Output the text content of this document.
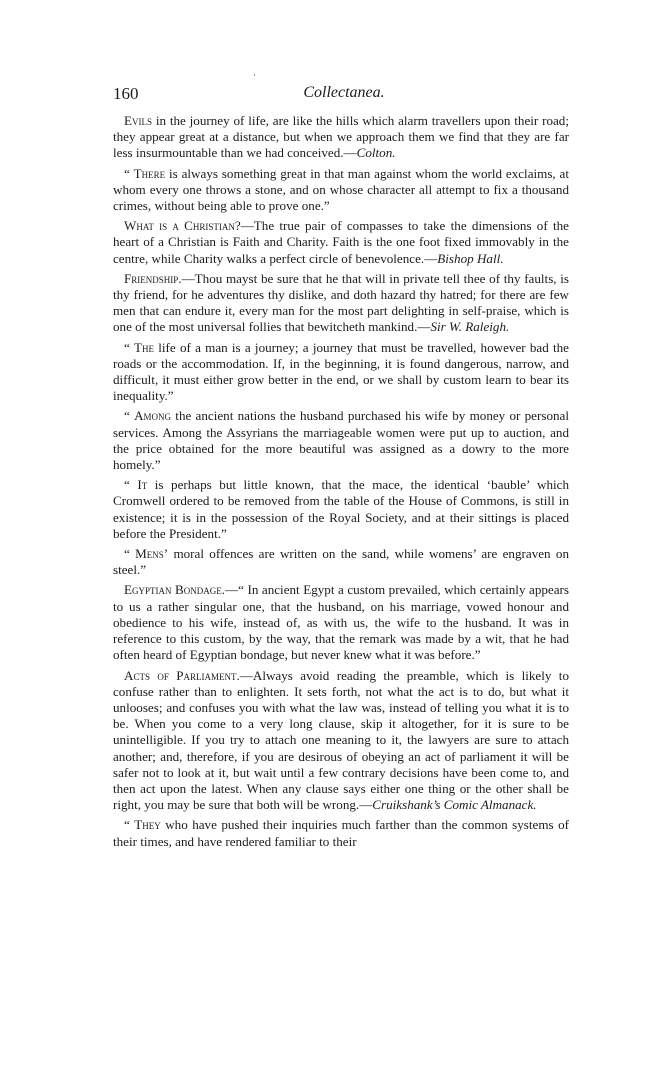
160
·
Collectanea.

Evils in the journey of life, are like the hills which alarm travellers upon their road; they appear great at a distance, but when we approach them we find that they are far less insurmountable than we had conceived.—Colton.

“ There is always something great in that man against whom the world exclaims, at whom every one throws a stone, and on whose character all attempt to fix a thousand crimes, without being able to prove one.”

What is a Christian?—The true pair of compasses to take the dimensions of the heart of a Christian is Faith and Charity. Faith is the one foot fixed immovably in the centre, while Charity walks a perfect circle of benevolence.—Bishop Hall.

Friendship.—Thou mayst be sure that he that will in private tell thee of thy faults, is thy friend, for he adventures thy dislike, and doth hazard thy hatred; for there are few men that can endure it, every man for the most part delighting in self-praise, which is one of the most universal follies that bewitcheth mankind.—Sir W. Raleigh.

“ The life of a man is a journey; a journey that must be travelled, however bad the roads or the accommodation. If, in the beginning, it is found dangerous, narrow, and difficult, it must either grow better in the end, or we shall by custom learn to bear its inequality.”

“ Among the ancient nations the husband purchased his wife by money or personal services. Among the Assyrians the marriageable women were put up to auction, and the price obtained for the more beautiful was assigned as a dowry to the more homely.”

“ It is perhaps but little known, that the mace, the identical ‘bauble’ which Cromwell ordered to be removed from the table of the House of Commons, is still in existence; it is in the possession of the Royal Society, and at their sittings is placed before the President.”

“ Mens’ moral offences are written on the sand, while womens’ are engraven on steel.”

Egyptian Bondage.—“ In ancient Egypt a custom prevailed, which certainly appears to us a rather singular one, that the husband, on his marriage, vowed honour and obedience to his wife, instead of, as with us, the wife to the husband. It was in reference to this custom, by the way, that the remark was made by a wit, that he had often heard of Egyptian bondage, but never knew what it was before.”

Acts of Parliament.—Always avoid reading the preamble, which is likely to confuse rather than to enlighten. It sets forth, not what the act is to do, but what it unlooses; and confuses you with what the law was, instead of telling you what it is to be. When you come to a very long clause, skip it altogether, for it is sure to be unintelligible. If you try to attach one meaning to it, the lawyers are sure to attach another; and, therefore, if you are desirous of obeying an act of parliament it will be safer not to look at it, but wait until a few contrary decisions have been come to, and then act upon the latest. When any clause says either one thing or the other shall be right, you may be sure that both will be wrong.—Cruikshank’s Comic Almanack.

“ They who have pushed their inquiries much farther than the common systems of their times, and have rendered familiar to their
